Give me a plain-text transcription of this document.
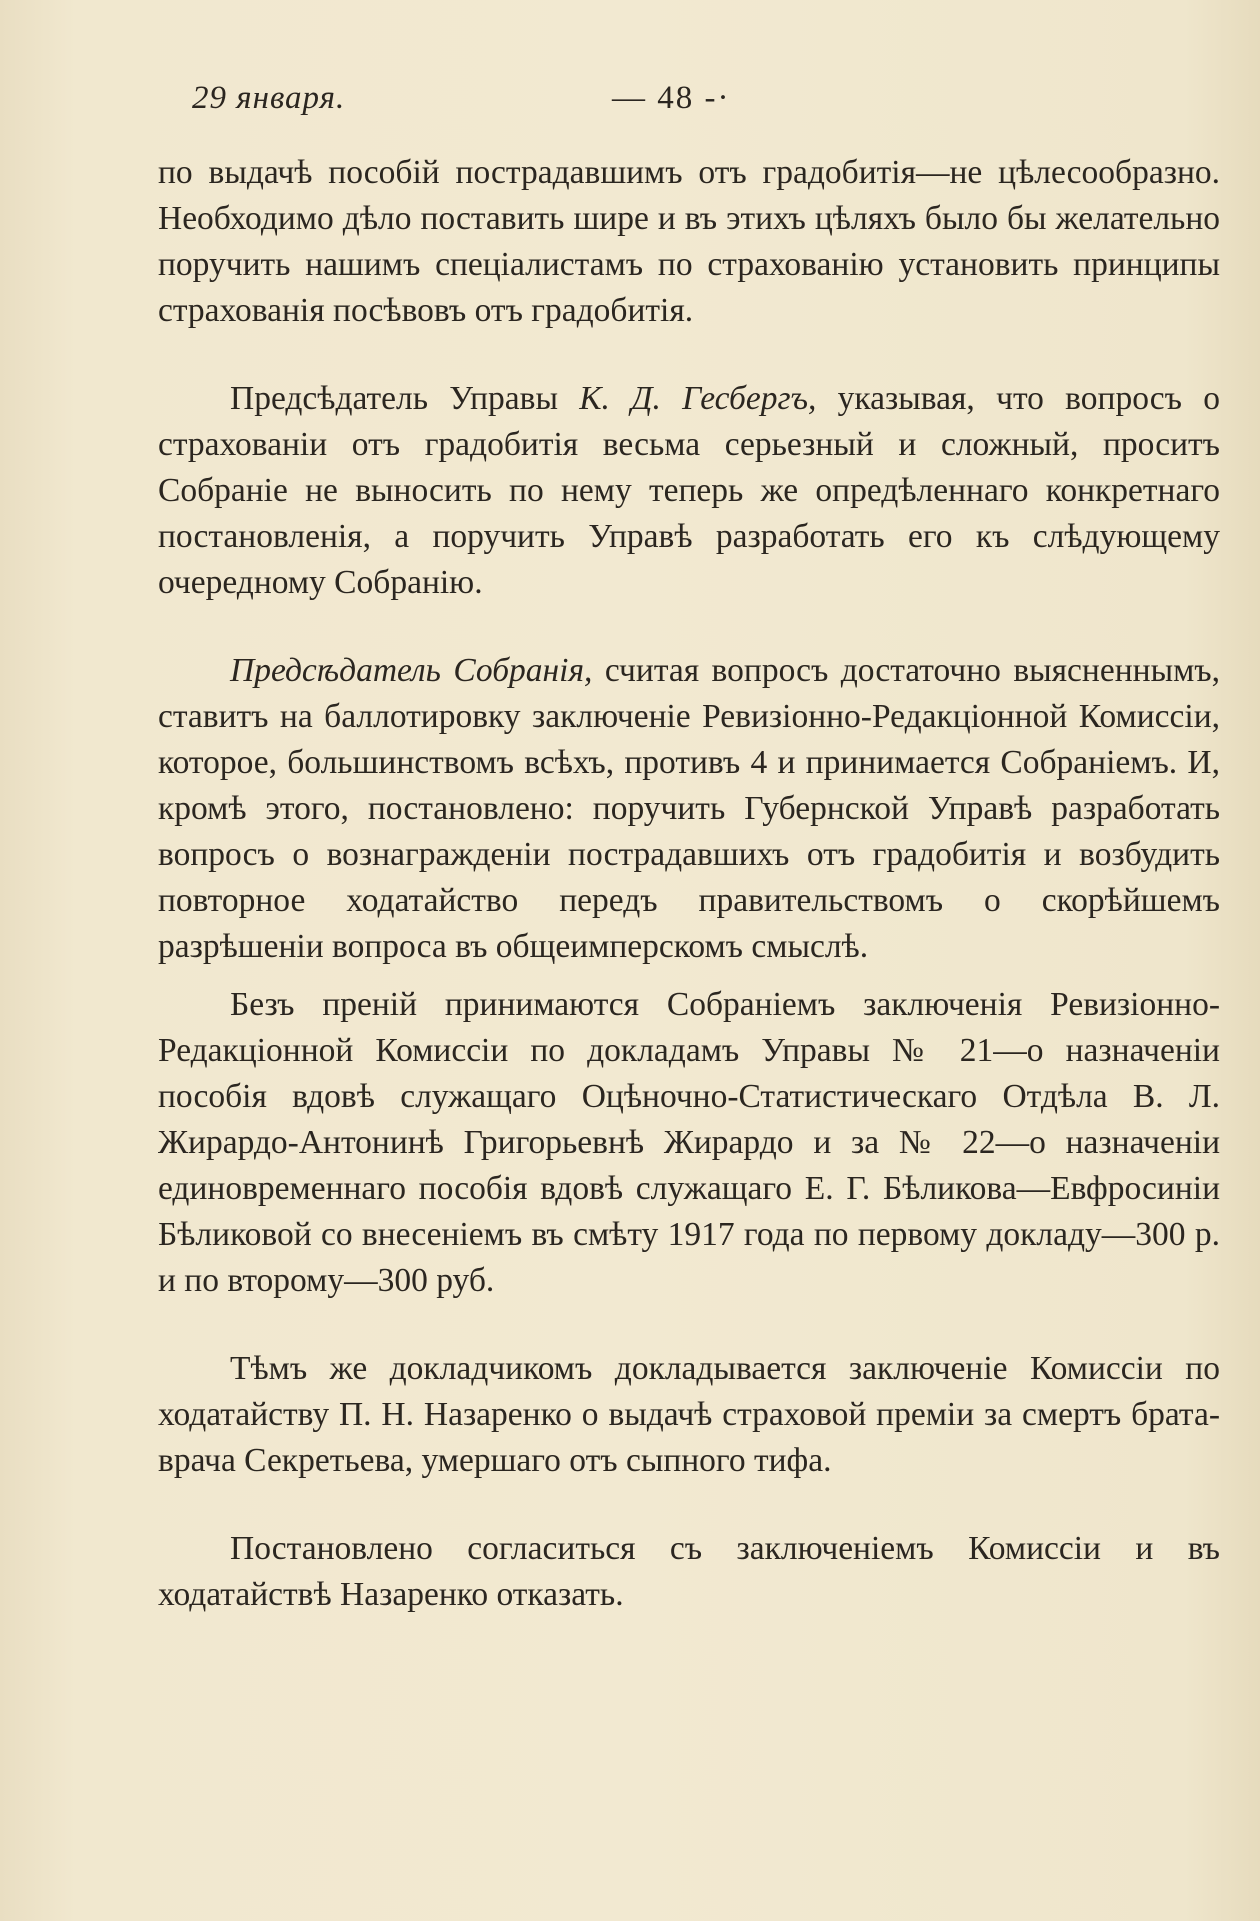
29 января.	— 48 -·

по выдачѣ пособій пострадавшимъ отъ градобитія—не цѣлесообразно. Необходимо дѣло поставить шире и въ этихъ цѣляхъ было бы желательно поручить нашимъ спеціалистамъ по страхованію установить принципы страхованія посѣвовъ отъ градобитія.

Предсѣдатель Управы К. Д. Гесбергъ, указывая, что вопросъ о страхованіи отъ градобитія весьма серьезный и сложный, проситъ Собраніе не выносить по нему теперь же опредѣленнаго конкретнаго постановленія, а поручить Управѣ разработать его къ слѣдующему очередному Собранію.

Предсѣдатель Собранія, считая вопросъ достаточно выясненнымъ, ставитъ на баллотировку заключеніе Ревизіонно-Редакціонной Комиссіи, которое, большинствомъ всѣхъ, противъ 4 и принимается Собраніемъ. И, кромѣ этого, постановлено: поручить Губернской Управѣ разработать вопросъ о вознагражденіи пострадавшихъ отъ градобитія и возбудить повторное ходатайство передъ правительствомъ о скорѣйшемъ разрѣшеніи вопроса въ общеимперскомъ смыслѣ.

Безъ преній принимаются Собраніемъ заключенія Ревизіонно-Редакціонной Комиссіи по докладамъ Управы № 21—о назначеніи пособія вдовѣ служащаго Оцѣночно-Статистическаго Отдѣла В. Л. Жирардо-Антонинѣ Григорьевнѣ Жирардо и за № 22—о назначеніи единовременнаго пособія вдовѣ служащаго Е. Г. Бѣликова—Евфросиніи Бѣликовой со внесеніемъ въ смѣту 1917 года по первому докладу—300 р. и по второму—300 руб.

Тѣмъ же докладчикомъ докладывается заключеніе Комиссіи по ходатайству П. Н. Назаренко о выдачѣ страховой преміи за смертъ брата-врача Секретьева, умершаго отъ сыпного тифа.

Постановлено согласиться съ заключеніемъ Комиссіи и въ ходатайствѣ Назаренко отказать.
